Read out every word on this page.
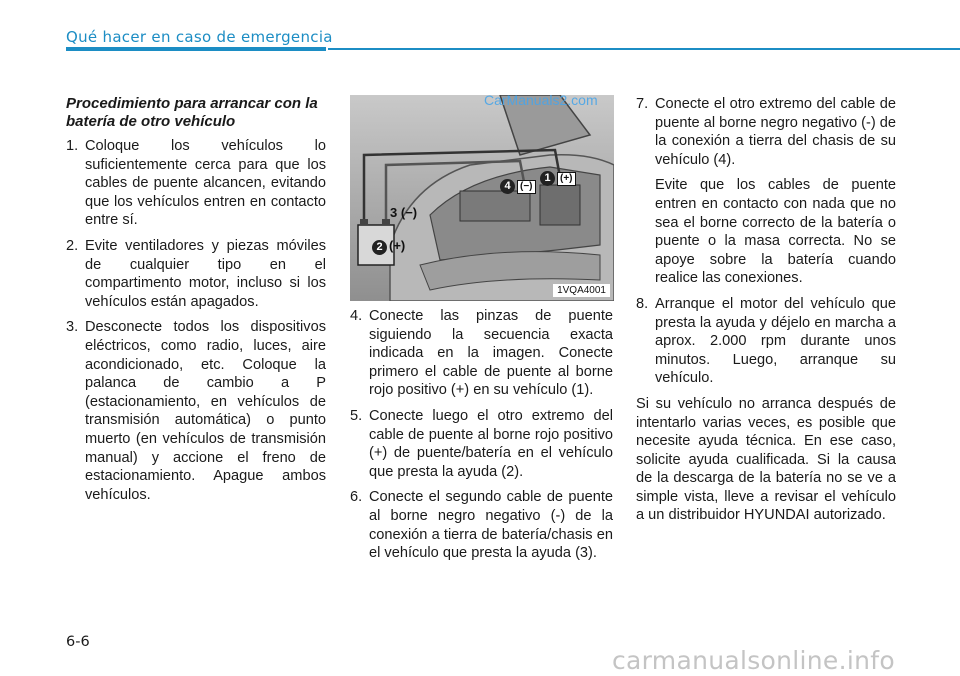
Qué hacer en caso de emergencia

Procedimiento para arrancar con la batería de otro vehículo

1. Coloque los vehículos lo suficientemente cerca para que los cables de puente alcancen, evitando que los vehículos entren en contacto entre sí.
2. Evite ventiladores y piezas móviles de cualquier tipo en el compartimento motor, incluso si los vehículos están apagados.
3. Desconecte todos los dispositivos eléctricos, como radio, luces, aire acondicionado, etc. Coloque la palanca de cambio a P (estacionamiento, en vehículos de transmisión automática) o punto muerto (en vehículos de transmisión manual) y accione el freno de estacionamiento. Apague ambos vehículos.
1 (+)
2 (+)
3 (−)
4 (−)
1VQA4001
CarManuals2.com
4. Conecte las pinzas de puente siguiendo la secuencia exacta indicada en la imagen. Conecte primero el cable de puente al borne rojo positivo (+) en su vehículo (1).
5. Conecte luego el otro extremo del cable de puente al borne rojo positivo (+) de puente/batería en el vehículo que presta la ayuda (2).
6. Conecte el segundo cable de puente al borne negro negativo (-) de la conexión a tierra de batería/chasis en el vehículo que presta la ayuda (3).
7. Conecte el otro extremo del cable de puente al borne negro negativo (-) de la conexión a tierra del chasis de su vehículo (4).

Evite que los cables de puente entren en contacto con nada que no sea el borne correcto de la batería o puente o la masa correcta. No se apoye sobre la batería cuando realice las conexiones.

8. Arranque el motor del vehículo que presta la ayuda y déjelo en marcha a aprox. 2.000 rpm durante unos minutos. Luego, arranque su vehículo.

Si su vehículo no arranca después de intentarlo varias veces, es posible que necesite ayuda técnica. En ese caso, solicite ayuda cualificada. Si la causa de la descarga de la batería no se ve a simple vista, lleve a revisar el vehículo a un distribuidor HYUNDAI autorizado.

6-6
carmanualsonline.info
